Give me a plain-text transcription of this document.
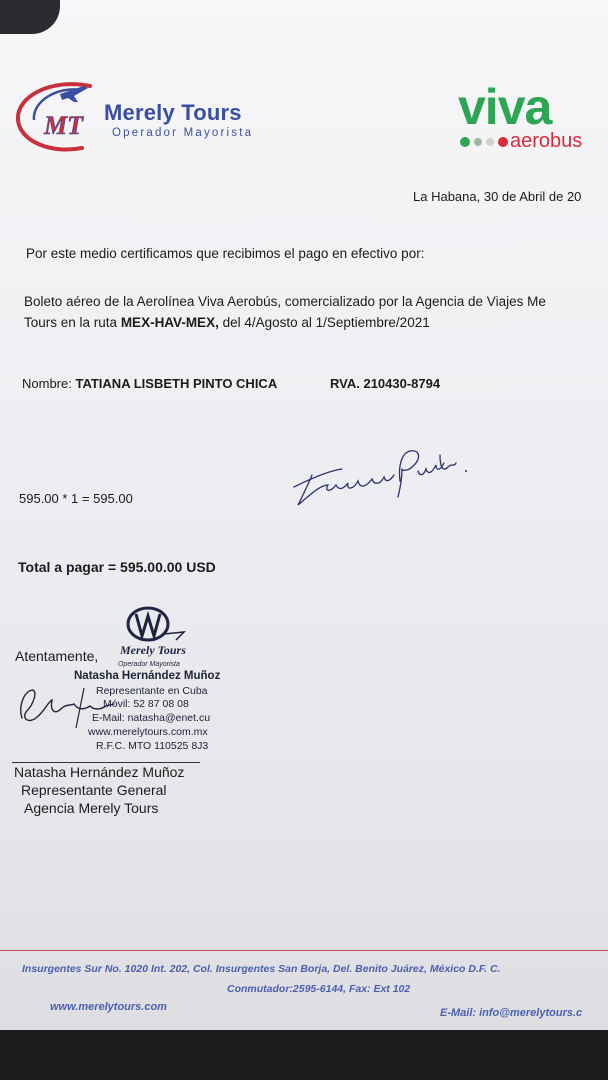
MT Merely Tours
Operador Mayorista	viva
aerobus
La Habana, 30 de Abril de 20
Por este medio certificamos que recibimos el pago en efectivo por:
Boleto aéreo de la Aerolínea Viva Aerobús, comercializado por la Agencia de Viajes Me
Tours en la ruta MEX-HAV-MEX, del 4/Agosto al 1/Septiembre/2021
Nombre: TATIANA LISBETH PINTO CHICA	RVA. 210430-8794
595.00 * 1 = 595.00
Total a pagar = 595.00.00 USD
Atentamente, Merely Tours
Operador Mayorista
Natasha Hernández Muñoz
Representante en Cuba
Móvil: 52 87 08 08
E-Mail: natasha@enet.cu
www.merelytours.com.mx
R.F.C. MTO 110525 8J3
Natasha Hernández Muñoz
Representante General
Agencia Merely Tours
Insurgentes Sur No. 1020 Int. 202, Col. Insurgentes San Borja, Del. Benito Juárez, México D.F. C.
Conmutador:2595-6144, Fax: Ext 102
www.merelytours.com	E-Mail: info@merelytours.c
